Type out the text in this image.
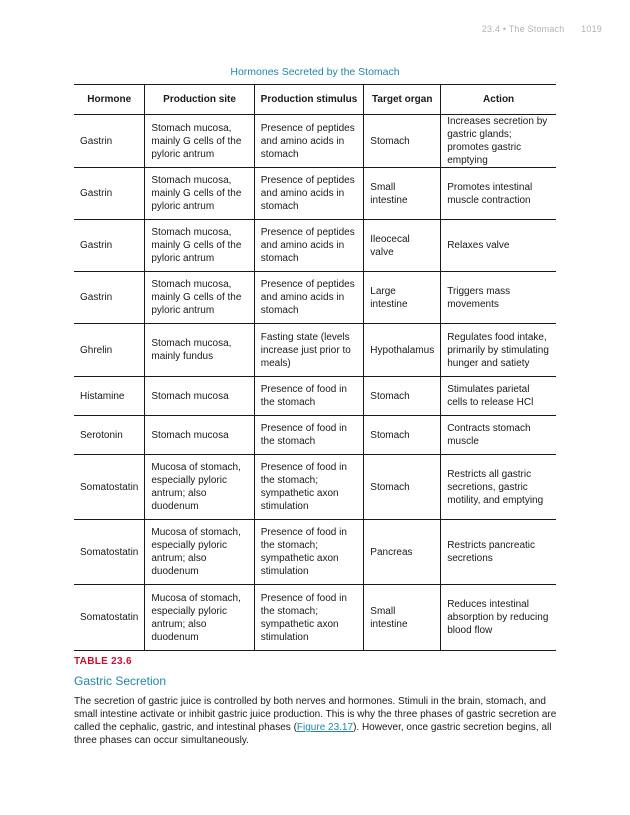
23.4 • The Stomach 1019
Hormones Secreted by the Stomach
Hormone	Production site	Production stimulus	Target organ	Action
Gastrin	Stomach mucosa, mainly G cells of the pyloric antrum	Presence of peptides and amino acids in stomach	Stomach	Increases secretion by gastric glands; promotes gastric emptying
Gastrin	Stomach mucosa, mainly G cells of the pyloric antrum	Presence of peptides and amino acids in stomach	Small intestine	Promotes intestinal muscle contraction
Gastrin	Stomach mucosa, mainly G cells of the pyloric antrum	Presence of peptides and amino acids in stomach	Ileocecal valve	Relaxes valve
Gastrin	Stomach mucosa, mainly G cells of the pyloric antrum	Presence of peptides and amino acids in stomach	Large intestine	Triggers mass movements
Ghrelin	Stomach mucosa, mainly fundus	Fasting state (levels increase just prior to meals)	Hypothalamus	Regulates food intake, primarily by stimulating hunger and satiety
Histamine	Stomach mucosa	Presence of food in the stomach	Stomach	Stimulates parietal cells to release HCl
Serotonin	Stomach mucosa	Presence of food in the stomach	Stomach	Contracts stomach muscle
Somatostatin	Mucosa of stomach, especially pyloric antrum; also duodenum	Presence of food in the stomach; sympathetic axon stimulation	Stomach	Restricts all gastric secretions, gastric motility, and emptying
Somatostatin	Mucosa of stomach, especially pyloric antrum; also duodenum	Presence of food in the stomach; sympathetic axon stimulation	Pancreas	Restricts pancreatic secretions
Somatostatin	Mucosa of stomach, especially pyloric antrum; also duodenum	Presence of food in the stomach; sympathetic axon stimulation	Small intestine	Reduces intestinal absorption by reducing blood flow
TABLE 23.6
Gastric Secretion

The secretion of gastric juice is controlled by both nerves and hormones. Stimuli in the brain, stomach, and small intestine activate or inhibit gastric juice production. This is why the three phases of gastric secretion are called the cephalic, gastric, and intestinal phases (Figure 23.17). However, once gastric secretion begins, all three phases can occur simultaneously.
